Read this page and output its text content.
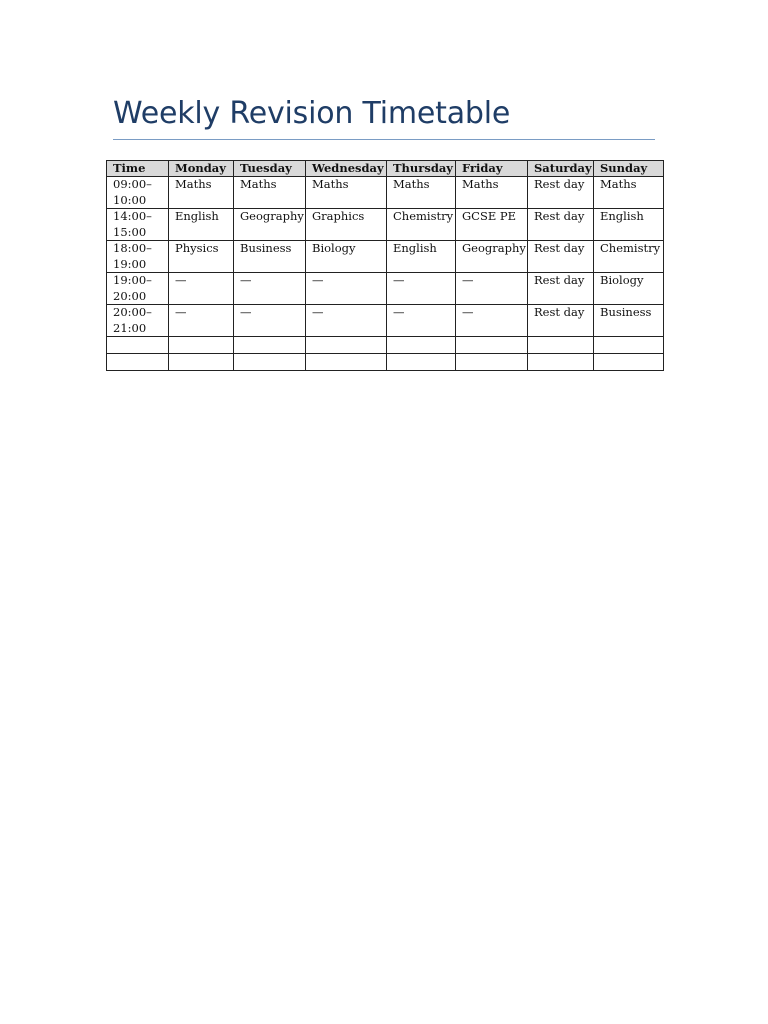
Weekly Revision Timetable
Time	Monday	Tuesday	Wednesday	Thursday	Friday	Saturday	Sunday
09:00–10:00	Maths	Maths	Maths	Maths	Maths	Rest day	Maths
14:00–15:00	English	Geography	Graphics	Chemistry	GCSE PE	Rest day	English
18:00–19:00	Physics	Business	Biology	English	Geography	Rest day	Chemistry
19:00–20:00	—	—	—	—	—	Rest day	Biology
20:00–21:00	—	—	—	—	—	Rest day	Business
